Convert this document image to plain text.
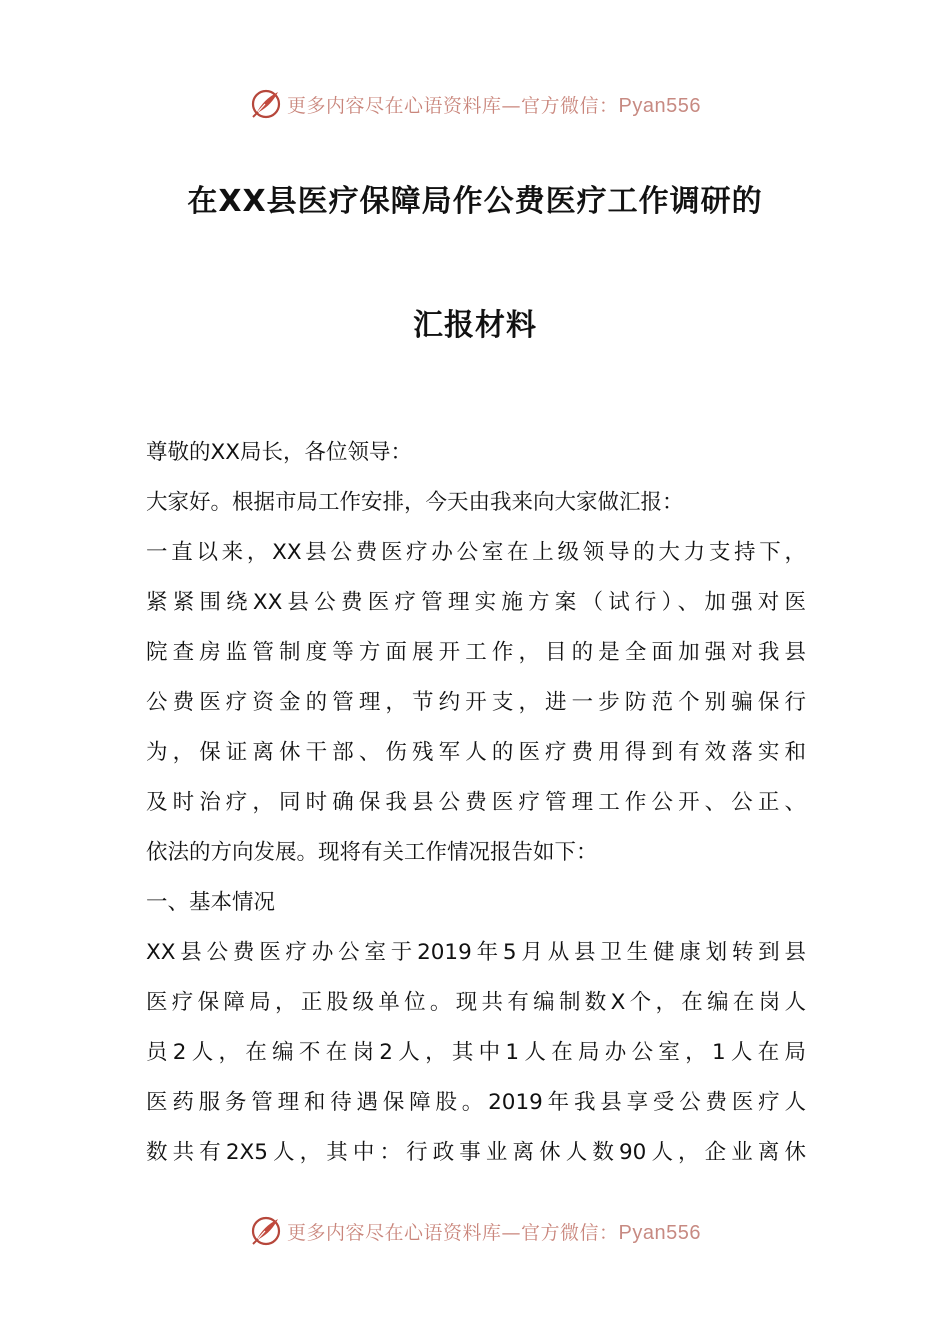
更多内容尽在心语资料库—官方微信：Pyan556
在XX县医疗保障局作公费医疗工作调研的
汇报材料
尊敬的XX局长，各位领导：
大家好。根据市局工作安排，今天由我来向大家做汇报：
一直以来，XX县公费医疗办公室在上级领导的大力支持下，
紧紧围绕XX县公费医疗管理实施方案（试行）、加强对医
院查房监管制度等方面展开工作，目的是全面加强对我县
公费医疗资金的管理，节约开支，进一步防范个别骗保行
为，保证离休干部、伤残军人的医疗费用得到有效落实和
及时治疗，同时确保我县公费医疗管理工作公开、公正、
依法的方向发展。现将有关工作情况报告如下：
一、基本情况
XX县公费医疗办公室于2019年5月从县卫生健康划转到县
医疗保障局，正股级单位。现共有编制数X个，在编在岗人
员2人，在编不在岗2人，其中1人在局办公室，1人在局
医药服务管理和待遇保障股。2019年我县享受公费医疗人
数共有2X5人，其中：行政事业离休人数90人，企业离休
更多内容尽在心语资料库—官方微信：Pyan556
